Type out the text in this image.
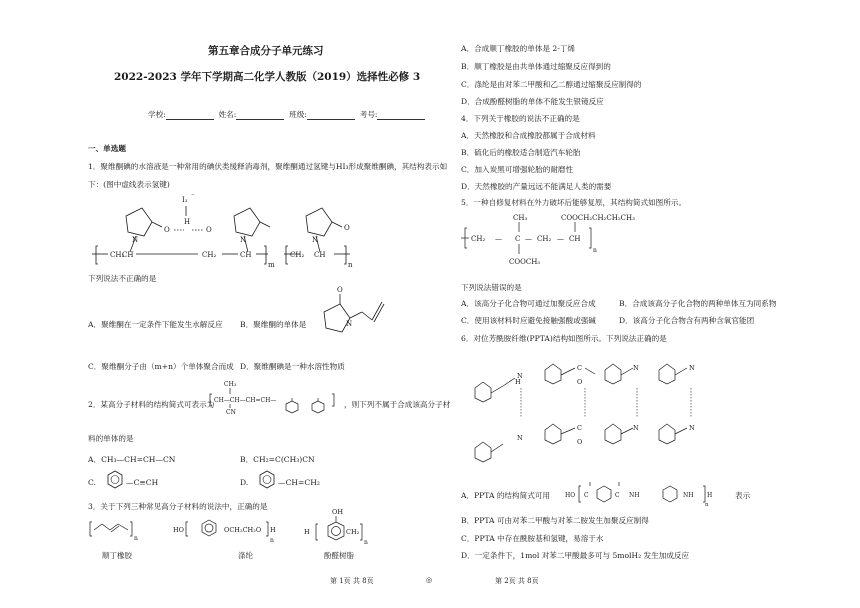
第五章合成分子单元练习
2022-2023 学年下学期高二化学人教版（2019）选择性必修 3
学校:	姓名:	班级:	考号:
一、单选题
1．聚维酮碘的水溶液是一种常用的碘伏类缓释消毒剂，聚维酮通过氢键与HI₃形成聚维酮碘，其结构表示如
下：(图中虚线表示氢键)
I₃ ⁻
H
O	O	O
N	N	N
CH₂
CH	CH₂	CH
m
CH₂ CH
n
下列说法不正确的是
A．聚维酮在一定条件下能发生水解反应 B．聚维酮的单体是
O
N
C．聚维酮分子由（m+n）个单体聚合而成 D．聚维酮碘是一种水溶性物质
2．某高分子材料的结构简式可表示为
CH₃
CH—CH—CH=CH—
CN
，则下列不属于合成该高分子材
料的单体的是
A．CH₃—CH=CH—CN	B．CH₂=C(CH₃)CN
C.	—C≡CH	D.	—CH=CH₂
3．关于下列三种常见高分子材料的说法中，正确的是
HO	OCH₂CH₂O H
OH
H	CH₂
n	n	n
顺丁橡胶	涤纶	酚醛树脂
第 1页 共 8页	◎
A．合成顺丁橡胶的单体是 2-丁烯
B．顺丁橡胶是由共单体通过缩聚反应得到的
C．涤纶是由对苯二甲酸和乙二醇通过缩聚反应制得的
D．合成酚醛树脂的单体不能发生银镜反应
4．下列关于橡胶的说法不正确的是
A．天然橡胶和合成橡胶都属于合成材料
B．硫化后的橡胶适合制造汽车轮胎
C．加入炭黑可增强轮胎的耐磨性
D．天然橡胶的产量远远不能满足人类的需要
5．一种自修复材料在外力破坏后能够复原，其结构简式如图所示。
CH₃
CH₂ — C — CH₂ — CH
COOCH₂CH₂CH₂CH₃
COOCH₃
n
下列说法错误的是
A．该高分子化合物可通过加聚反应合成	B．合成该高分子化合物的两种单体互为同系物
C．使用该材料时应避免接触强酸或强碱	D．该高分子化合物含有两种含氧官能团
6．对位芳酰胺纤维(PPTA)结构如图所示。下列说法正确的是
H
N
C
O
N	N
N
C
O
N	N
A．PPTA 的结构简式可用	HO C	C NH	NH H
n
表示
B．PPTA 可由对苯二甲酸与对苯二胺发生加聚反应制得
C．PPTA 中存在酰胺基和氢键，易溶于水
D．一定条件下，1mol 对苯二甲酸最多可与 5molH₂ 发生加成反应
第 2页 共 8页
